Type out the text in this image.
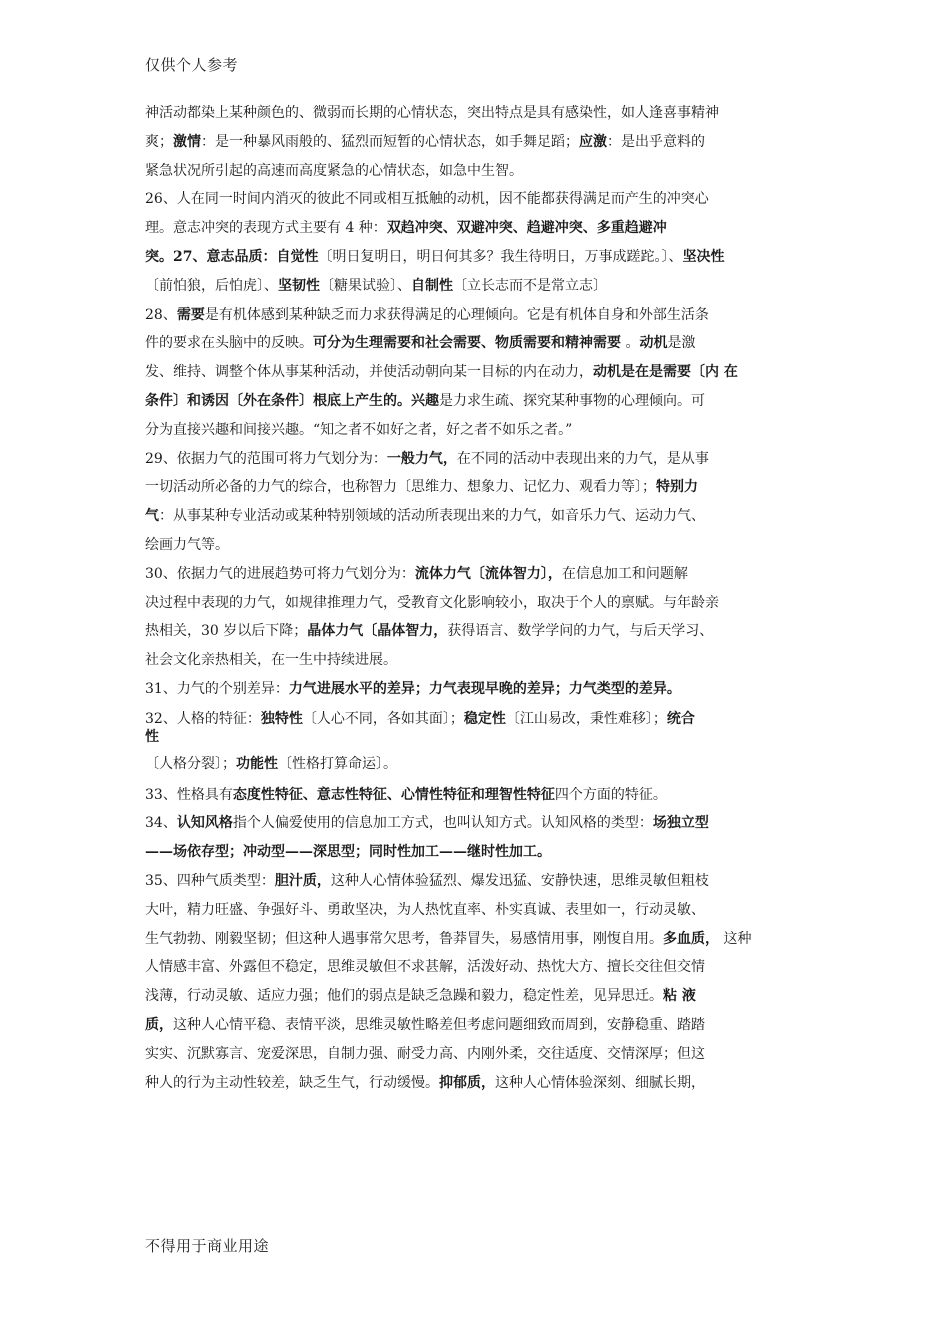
仅供个人参考
神活动都染上某种颜色的、微弱而长期的心情状态，突出特点是具有感染性，如人逢喜事精神
爽；激情：是一种暴风雨般的、猛烈而短暂的心情状态，如手舞足蹈；应激：是出乎意料的
紧急状况所引起的高速而高度紧急的心情状态，如急中生智。
26、人在同一时间内消灭的彼此不同或相互抵触的动机，因不能都获得满足而产生的冲突心
理。意志冲突的表现方式主要有 4 种：双趋冲突、双避冲突、趋避冲突、多重趋避冲
突。27、意志品质：自觉性〔明日复明日，明日何其多？我生待明日，万事成蹉跎。〕、坚决性
〔前怕狼，后怕虎〕、坚韧性〔糖果试验〕、自制性〔立长志而不是常立志〕
28、需要是有机体感到某种缺乏而力求获得满足的心理倾向。它是有机体自身和外部生活条
件的要求在头脑中的反映。可分为生理需要和社会需要、物质需要和精神需要 。动机是激
发、维持、调整个体从事某种活动，并使活动朝向某一目标的内在动力，动机是在是需要〔内 在
条件〕和诱因〔外在条件〕根底上产生的。兴趣是力求生疏、探究某种事物的心理倾向。可
分为直接兴趣和间接兴趣。“知之者不如好之者，好之者不如乐之者。”
29、依据力气的范围可将力气划分为：一般力气，在不同的活动中表现出来的力气，是从事
一切活动所必备的力气的综合，也称智力〔思维力、想象力、记忆力、观看力等〕；特别力
气：从事某种专业活动或某种特别领域的活动所表现出来的力气，如音乐力气、运动力气、
绘画力气等。
30、依据力气的进展趋势可将力气划分为：流体力气〔流体智力〕，在信息加工和问题解
决过程中表现的力气，如规律推理力气，受教育文化影响较小，取决于个人的禀赋。与年龄亲
热相关，30 岁以后下降；晶体力气〔晶体智力，获得语言、数学学问的力气，与后天学习、
社会文化亲热相关，在一生中持续进展。
31、力气的个别差异：力气进展水平的差异；力气表现早晚的差异；力气类型的差异。
32、人格的特征：独特性〔人心不同，各如其面〕；稳定性〔江山易改，秉性难移〕；统合
性
〔人格分裂〕；功能性〔性格打算命运〕。
33、性格具有态度性特征、意志性特征、心情性特征和理智性特征四个方面的特征。
34、认知风格指个人偏爱使用的信息加工方式，也叫认知方式。认知风格的类型：场独立型
——场依存型；冲动型——深思型；同时性加工——继时性加工。
35、四种气质类型：胆汁质，这种人心情体验猛烈、爆发迅猛、安静快速，思维灵敏但粗枝
大叶，精力旺盛、争强好斗、勇敢坚决，为人热忱直率、朴实真诚、表里如一，行动灵敏、
生气勃勃、刚毅坚韧；但这种人遇事常欠思考，鲁莽冒失，易感情用事，刚愎自用。多血质， 这种
人情感丰富、外露但不稳定，思维灵敏但不求甚解，活泼好动、热忱大方、擅长交往但交情
浅薄，行动灵敏、适应力强；他们的弱点是缺乏急躁和毅力，稳定性差，见异思迁。粘 液
质，这种人心情平稳、表情平淡，思维灵敏性略差但考虑问题细致而周到，安静稳重、踏踏
实实、沉默寡言、宠爱深思，自制力强、耐受力高、内刚外柔，交往适度、交情深厚；但这
种人的行为主动性较差，缺乏生气，行动缓慢。抑郁质，这种人心情体验深刻、细腻长期，
不得用于商业用途
